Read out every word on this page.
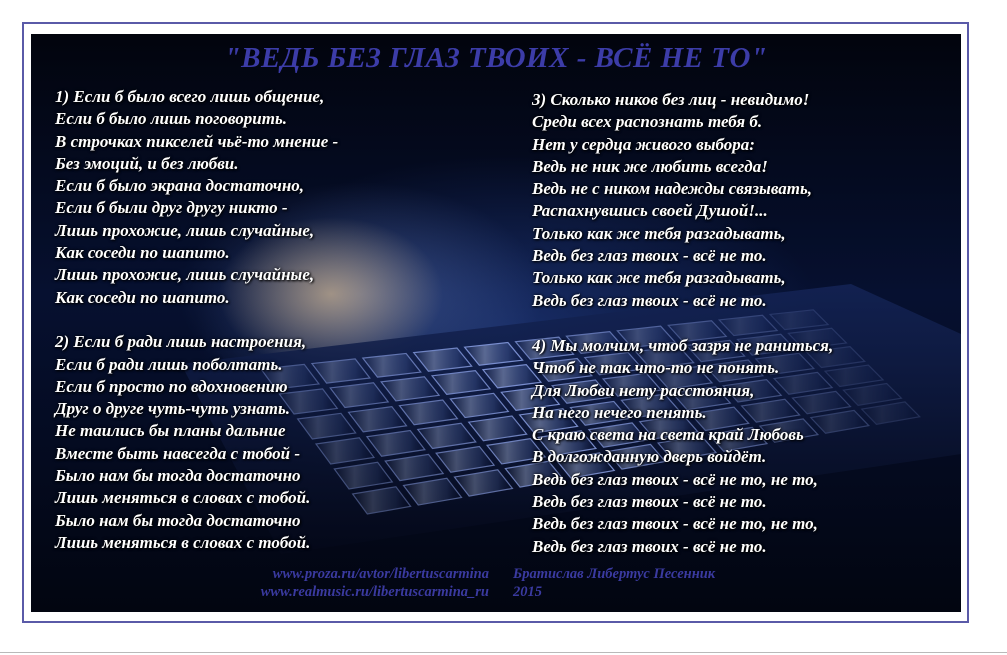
"ВЕДЬ БЕЗ ГЛАЗ ТВОИХ - ВСЁ НЕ ТО"
1) Если б было всего лишь общение,
Если б было лишь поговорить.
В строчках пикселей чьё-то мнение -
Без эмоций, и без любви.
Если б было экрана достаточно,
Если б были друг другу никто -
Лишь прохожие, лишь случайные,
Как соседи по шапито.
Лишь прохожие, лишь случайные,
Как соседи по шапито.
2) Если б ради лишь настроения,
Если б ради лишь поболтать.
Если б просто по вдохновению
Друг о друге чуть-чуть узнать.
Не таились бы планы дальние
Вместе быть навсегда с тобой -
Было нам бы тогда достаточно
Лишь меняться в словах с тобой.
Было нам бы тогда достаточно
Лишь меняться в словах с тобой.
3) Сколько ников без лиц - невидимо!
Среди всех распознать тебя б.
Нет у сердца живого выбора:
Ведь не ник же любить всегда!
Ведь не с ником надежды связывать,
Распахнувшись своей Душой!...
Только как же тебя разгадывать,
Ведь без глаз твоих - всё не то.
Только как же тебя разгадывать,
Ведь без глаз твоих - всё не то.
4) Мы молчим, чтоб зазря не раниться,
Чтоб не так что-то не понять.
Для Любви нету расстояния,
На него нечего пенять.
С краю света на света край Любовь
В долгожданную дверь войдёт.
Ведь без глаз твоих - всё не то, не то,
Ведь без глаз твоих - всё не то.
Ведь без глаз твоих - всё не то, не то,
Ведь без глаз твоих - всё не то.
www.proza.ru/avtor/libertuscarmina
www.realmusic.ru/libertuscarmina_ru
Братислав Либертус Песенник
2015
